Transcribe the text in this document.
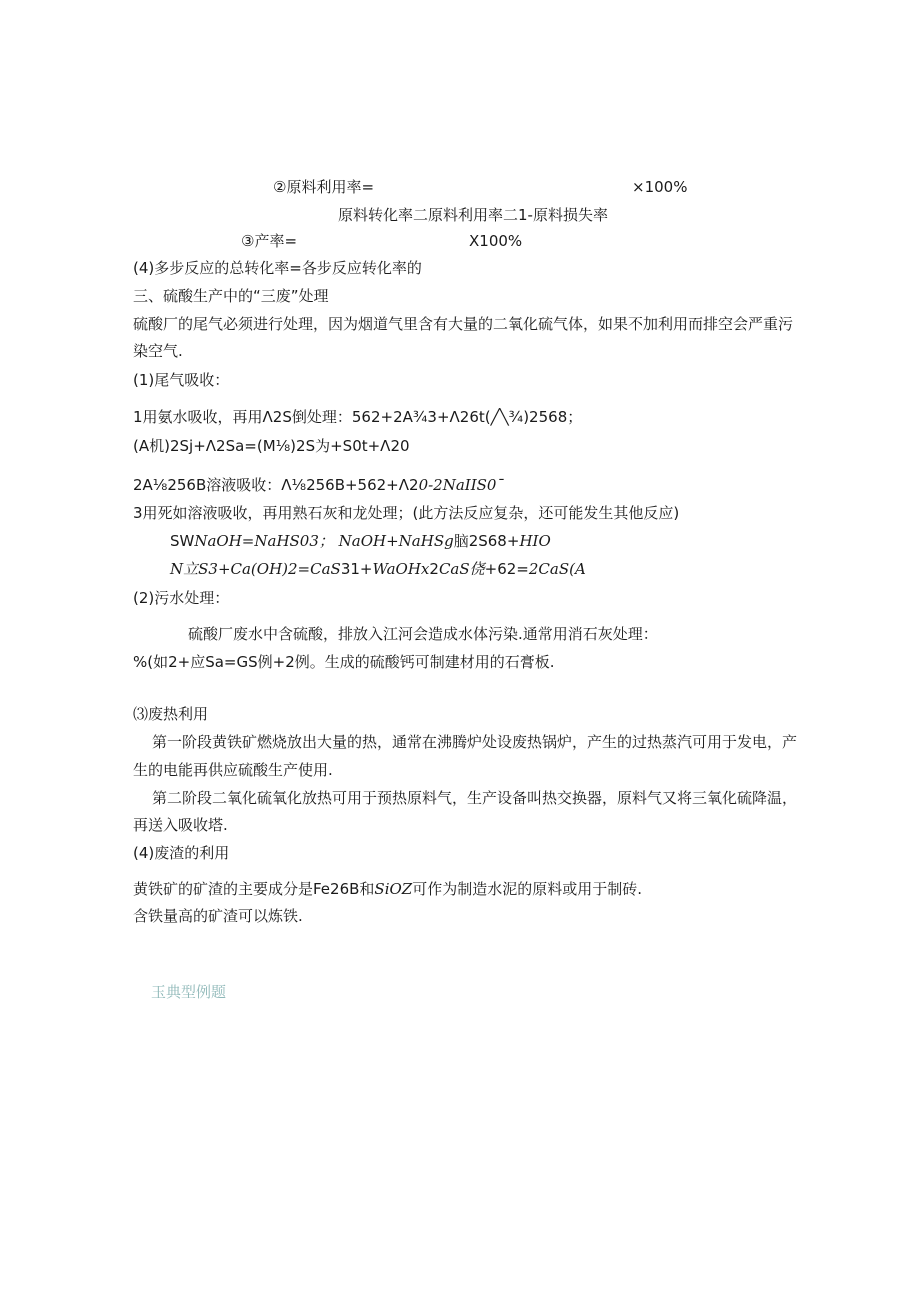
②原料利用率=	×100%
原料转化率二原料利用率二1-原料损失率
③产率=	X100%
(4)多步反应的总转化率=各步反应转化率的
三、硫酸生产中的“三废”处理
硫酸厂的尾气必须进行处理，因为烟道气里含有大量的二氧化硫气体，如果不加利用而排空会严重污
染空气.
(1)尾气吸收：
1用氨水吸收，再用Λ2S倒处理：562+2A¾3+Λ26t(╱╲¾)2568；
(A机)2Sj+Λ2Sa=(M⅛)2S为+S0t+Λ20
2A⅛256B溶液吸收：Λ⅛256B+562+Λ20-2NaIIS0ˉ
3用死如溶液吸收，再用熟石灰和龙处理；(此方法反应复杂，还可能发生其他反应)
SWNaOH=NaHS03； NaOH+NaHSg脑2S68+HIO
N立S3+Ca(OH)2=CaS31+WaOHx2CaS侥+62=2CaS(A
(2)污水处理：
硫酸厂废水中含硫酸，排放入江河会造成水体污染.通常用消石灰处理：
%(如2+应Sa=GS例+2例。生成的硫酸钙可制建材用的石膏板.
⑶废热利用
第一阶段黄铁矿燃烧放出大量的热，通常在沸腾炉处设废热锅炉，产生的过热蒸汽可用于发电，产
生的电能再供应硫酸生产使用.
第二阶段二氧化硫氧化放热可用于预热原料气，生产设备叫热交换器，原料气又将三氧化硫降温，
再送入吸收塔.
(4)废渣的利用
黄铁矿的矿渣的主要成分是Fe26B和SiOZ可作为制造水泥的原料或用于制砖.
含铁量高的矿渣可以炼铁.
玉典型例题
